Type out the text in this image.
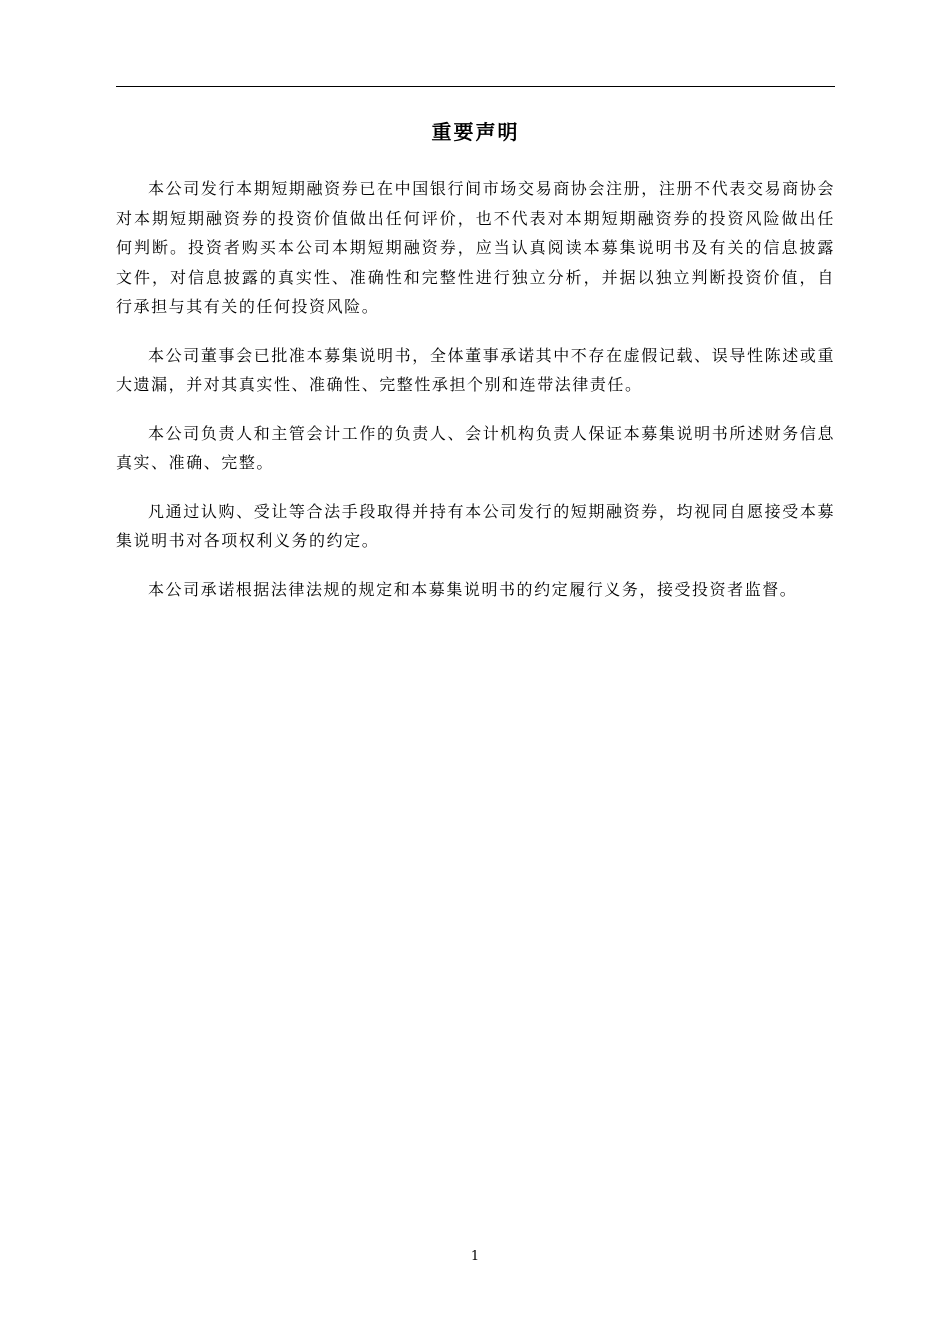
重要声明

本公司发行本期短期融资券已在中国银行间市场交易商协会注册，注册不代表交易商协会对本期短期融资券的投资价值做出任何评价，也不代表对本期短期融资券的投资风险做出任何判断。投资者购买本公司本期短期融资券，应当认真阅读本募集说明书及有关的信息披露文件，对信息披露的真实性、准确性和完整性进行独立分析，并据以独立判断投资价值，自行承担与其有关的任何投资风险。

本公司董事会已批准本募集说明书，全体董事承诺其中不存在虚假记载、误导性陈述或重大遗漏，并对其真实性、准确性、完整性承担个别和连带法律责任。

本公司负责人和主管会计工作的负责人、会计机构负责人保证本募集说明书所述财务信息真实、准确、完整。

凡通过认购、受让等合法手段取得并持有本公司发行的短期融资券，均视同自愿接受本募集说明书对各项权利义务的约定。

本公司承诺根据法律法规的规定和本募集说明书的约定履行义务，接受投资者监督。

1
